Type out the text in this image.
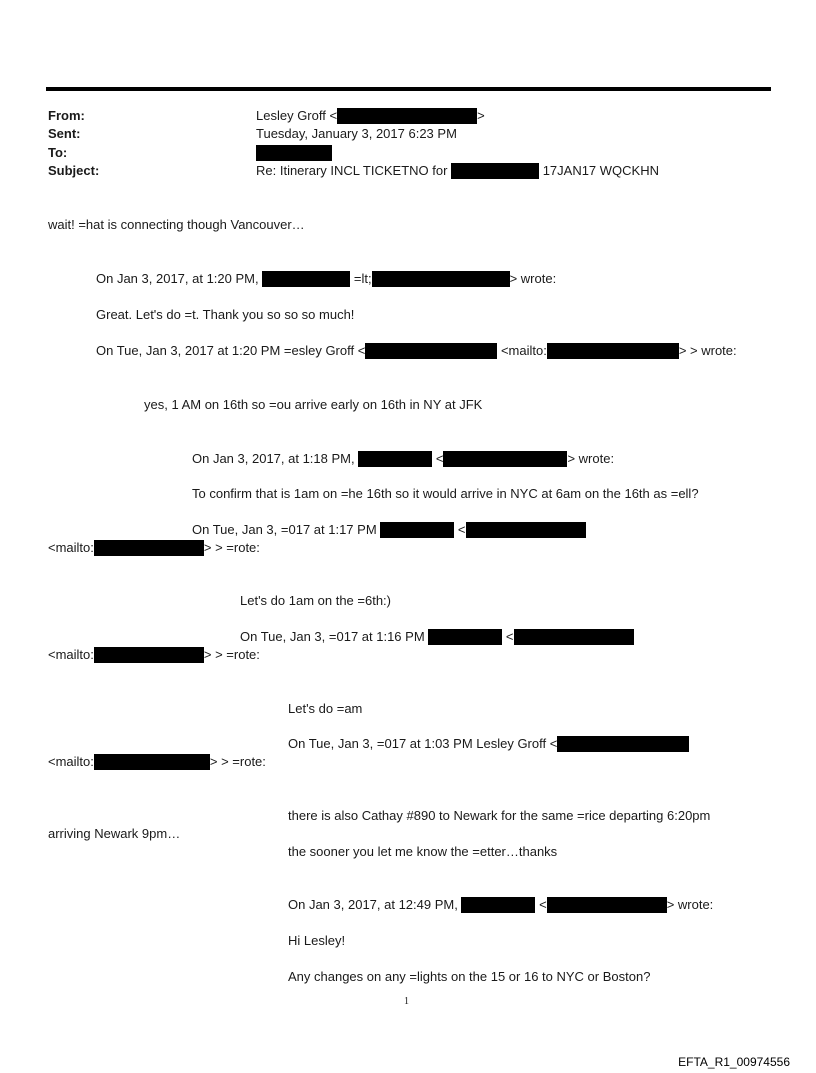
From:	Lesley Groff <	>
Sent:	Tuesday, January 3, 2017 6:23 PM
To:
Subject:	Re: Itinerary INCL TICKETNO for	17JAN17 WQCKHN
wait! =hat is connecting though Vancouver…
On Jan 3, 2017, at 1:20 PM,	=lt;	> wrote:
Great. Let's do =t. Thank you so so so much!
On Tue, Jan 3, 2017 at 1:20 PM =esley Groff <	<mailto:	> > wrote:
yes, 1 AM on 16th so =ou arrive early on 16th in NY at JFK
On Jan 3, 2017, at 1:18 PM,	<	> wrote:
To confirm that is 1am on =he 16th so it would arrive in NYC at 6am on the 16th as =ell?
On Tue, Jan 3, =017 at 1:17 PM	<
<mailto:	> > =rote:
Let's do 1am on the =6th:)
On Tue, Jan 3, =017 at 1:16 PM	<
<mailto:	> > =rote:
Let's do =am
On Tue, Jan 3, =017 at 1:03 PM Lesley Groff <
<mailto:	> > =rote:
there is also Cathay #890 to Newark for the same =rice departing 6:20pm
arriving Newark 9pm…
the sooner you let me know the =etter…thanks
On Jan 3, 2017, at 12:49 PM,	<	> wrote:
Hi Lesley!
Any changes on any =lights on the 15 or 16 to NYC or Boston?
1
EFTA_R1_00974556
